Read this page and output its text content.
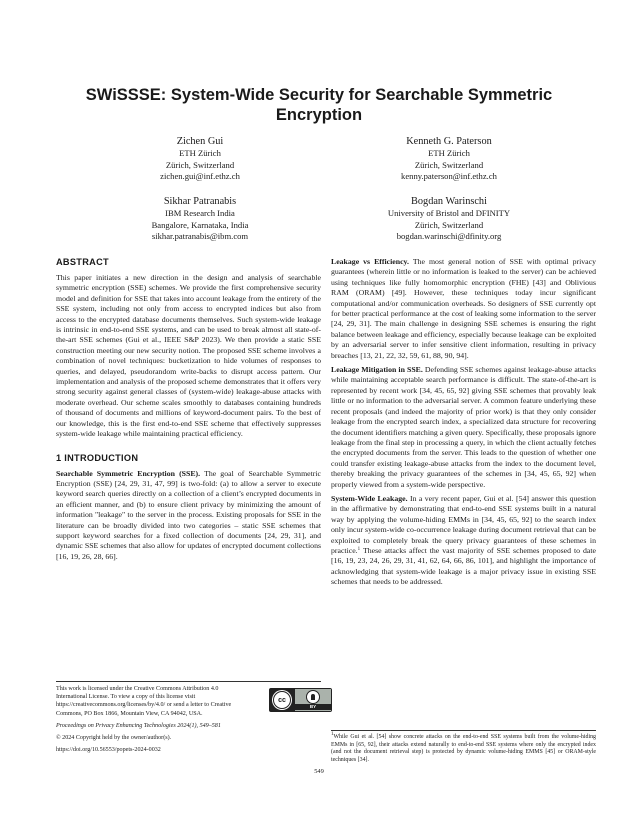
SWiSSSE: System-Wide Security for Searchable Symmetric Encryption
Zichen Gui
ETH Zürich
Zürich, Switzerland
zichen.gui@inf.ethz.ch
Kenneth G. Paterson
ETH Zürich
Zürich, Switzerland
kenny.paterson@inf.ethz.ch
Sikhar Patranabis
IBM Research India
Bangalore, Karnataka, India
sikhar.patranabis@ibm.com
Bogdan Warinschi
University of Bristol and DFINITY
Zürich, Switzerland
bogdan.warinschi@dfinity.org
ABSTRACT

This paper initiates a new direction in the design and analysis of searchable symmetric encryption (SSE) schemes. We provide the first comprehensive security model and definition for SSE that takes into account leakage from the entirety of the SSE system, including not only from access to encrypted indices but also from access to the encrypted database documents themselves. Such system-wide leakage is intrinsic in end-to-end SSE systems, and can be used to break almost all state-of-the-art SSE schemes (Gui et al., IEEE S&P 2023). We then provide a static SSE construction meeting our new security notion. The proposed SSE scheme involves a combination of novel techniques: bucketization to hide volumes of responses to queries, and delayed, pseudorandom write-backs to disrupt access pattern. Our implementation and analysis of the proposed scheme demonstrates that it offers very strong security against general classes of (system-wide) leakage-abuse attacks with moderate overhead. Our scheme scales smoothly to databases containing hundreds of thousand of documents and millions of keyword-document pairs. To the best of our knowledge, this is the first end-to-end SSE scheme that effectively suppresses system-wide leakage while maintaining practical efficiency.

1 INTRODUCTION

Searchable Symmetric Encryption (SSE). The goal of Searchable Symmetric Encryption (SSE) [24, 29, 31, 47, 99] is two-fold: (a) to allow a server to execute keyword search queries directly on a collection of a client’s encrypted documents in an efficient manner, and (b) to ensure client privacy by minimizing the amount of information "leakage" to the server in the process. Existing proposals for SSE in the literature can be broadly divided into two categories – static SSE schemes that support keyword searches for a fixed collection of documents [24, 29, 31], and dynamic SSE schemes that also allow for updates of encrypted document collections [16, 19, 26, 28, 66].

Leakage vs Efficiency. The most general notion of SSE with optimal privacy guarantees (wherein little or no information is leaked to the server) can be achieved using techniques like fully homomorphic encryption (FHE) [43] and Oblivious RAM (ORAM) [49]. However, these techniques today incur significant computational and/or communication overheads. So designers of SSE currently opt for better practical performance at the cost of leaking some information to the server [24, 29, 31]. The main challenge in designing SSE schemes is ensuring the right balance between leakage and efficiency, especially because leakage can be exploited by an adversarial server to infer sensitive client information, resulting in privacy breaches [13, 21, 22, 32, 59, 61, 88, 90, 94].

Leakage Mitigation in SSE. Defending SSE schemes against leakage-abuse attacks while maintaining acceptable search performance is difficult. The state-of-the-art is represented by recent work [34, 45, 65, 92] giving SSE schemes that provably leak little or no information to the adversarial server. A common feature underlying these recent proposals (and indeed the majority of prior work) is that they only consider leakage from the encrypted search index, a specialized data structure for recovering the document identifiers matching a given query. Specifically, these proposals ignore leakage from the final step in processing a query, in which the client actually fetches the encrypted documents from the server. This leads to the question of whether one could transfer existing leakage-abuse attacks from the index to the document level, thereby breaking the privacy guarantees of the schemes in [34, 45, 65, 92] when properly viewed from a system-wide perspective.

System-Wide Leakage. In a very recent paper, Gui et al. [54] answer this question in the affirmative by demonstrating that end-to-end SSE systems built in a natural way by applying the volume-hiding EMMs in [34, 45, 65, 92] to the search index only incur system-wide co-occurrence leakage during document retrieval that can be exploited to completely break the query privacy guarantees of these schemes in practice.$^1$ These attacks affect the vast majority of SSE schemes proposed to date [16, 19, 23, 24, 26, 29, 31, 41, 62, 64, 66, 86, 101], and highlight the importance of acknowledging that system-wide leakage is a major privacy issue in existing SSE schemes that needs to be addressed.

This work is licensed under the Creative Commons Attribution 4.0 International License. To view a copy of this license visit https://creativecommons.org/licenses/by/4.0/ or send a letter to Creative Commons, PO Box 1866, Mountain View, CA 94042, USA.

Proceedings on Privacy Enhancing Technologies 2024(1), 549–581

© 2024 Copyright held by the owner/author(s).

https://doi.org/10.56553/popets-2024-0032

cc
BY

$^1$While Gui et al. [54] show concrete attacks on the end-to-end SSE systems built from the volume-hiding EMMs in [65, 92], their attacks extend naturally to end-to-end SSE systems where only the encrypted index (and not the document retrieval step) is protected by dynamic volume-hiding EMMS [45] or ORAM-style techniques [34].

549
